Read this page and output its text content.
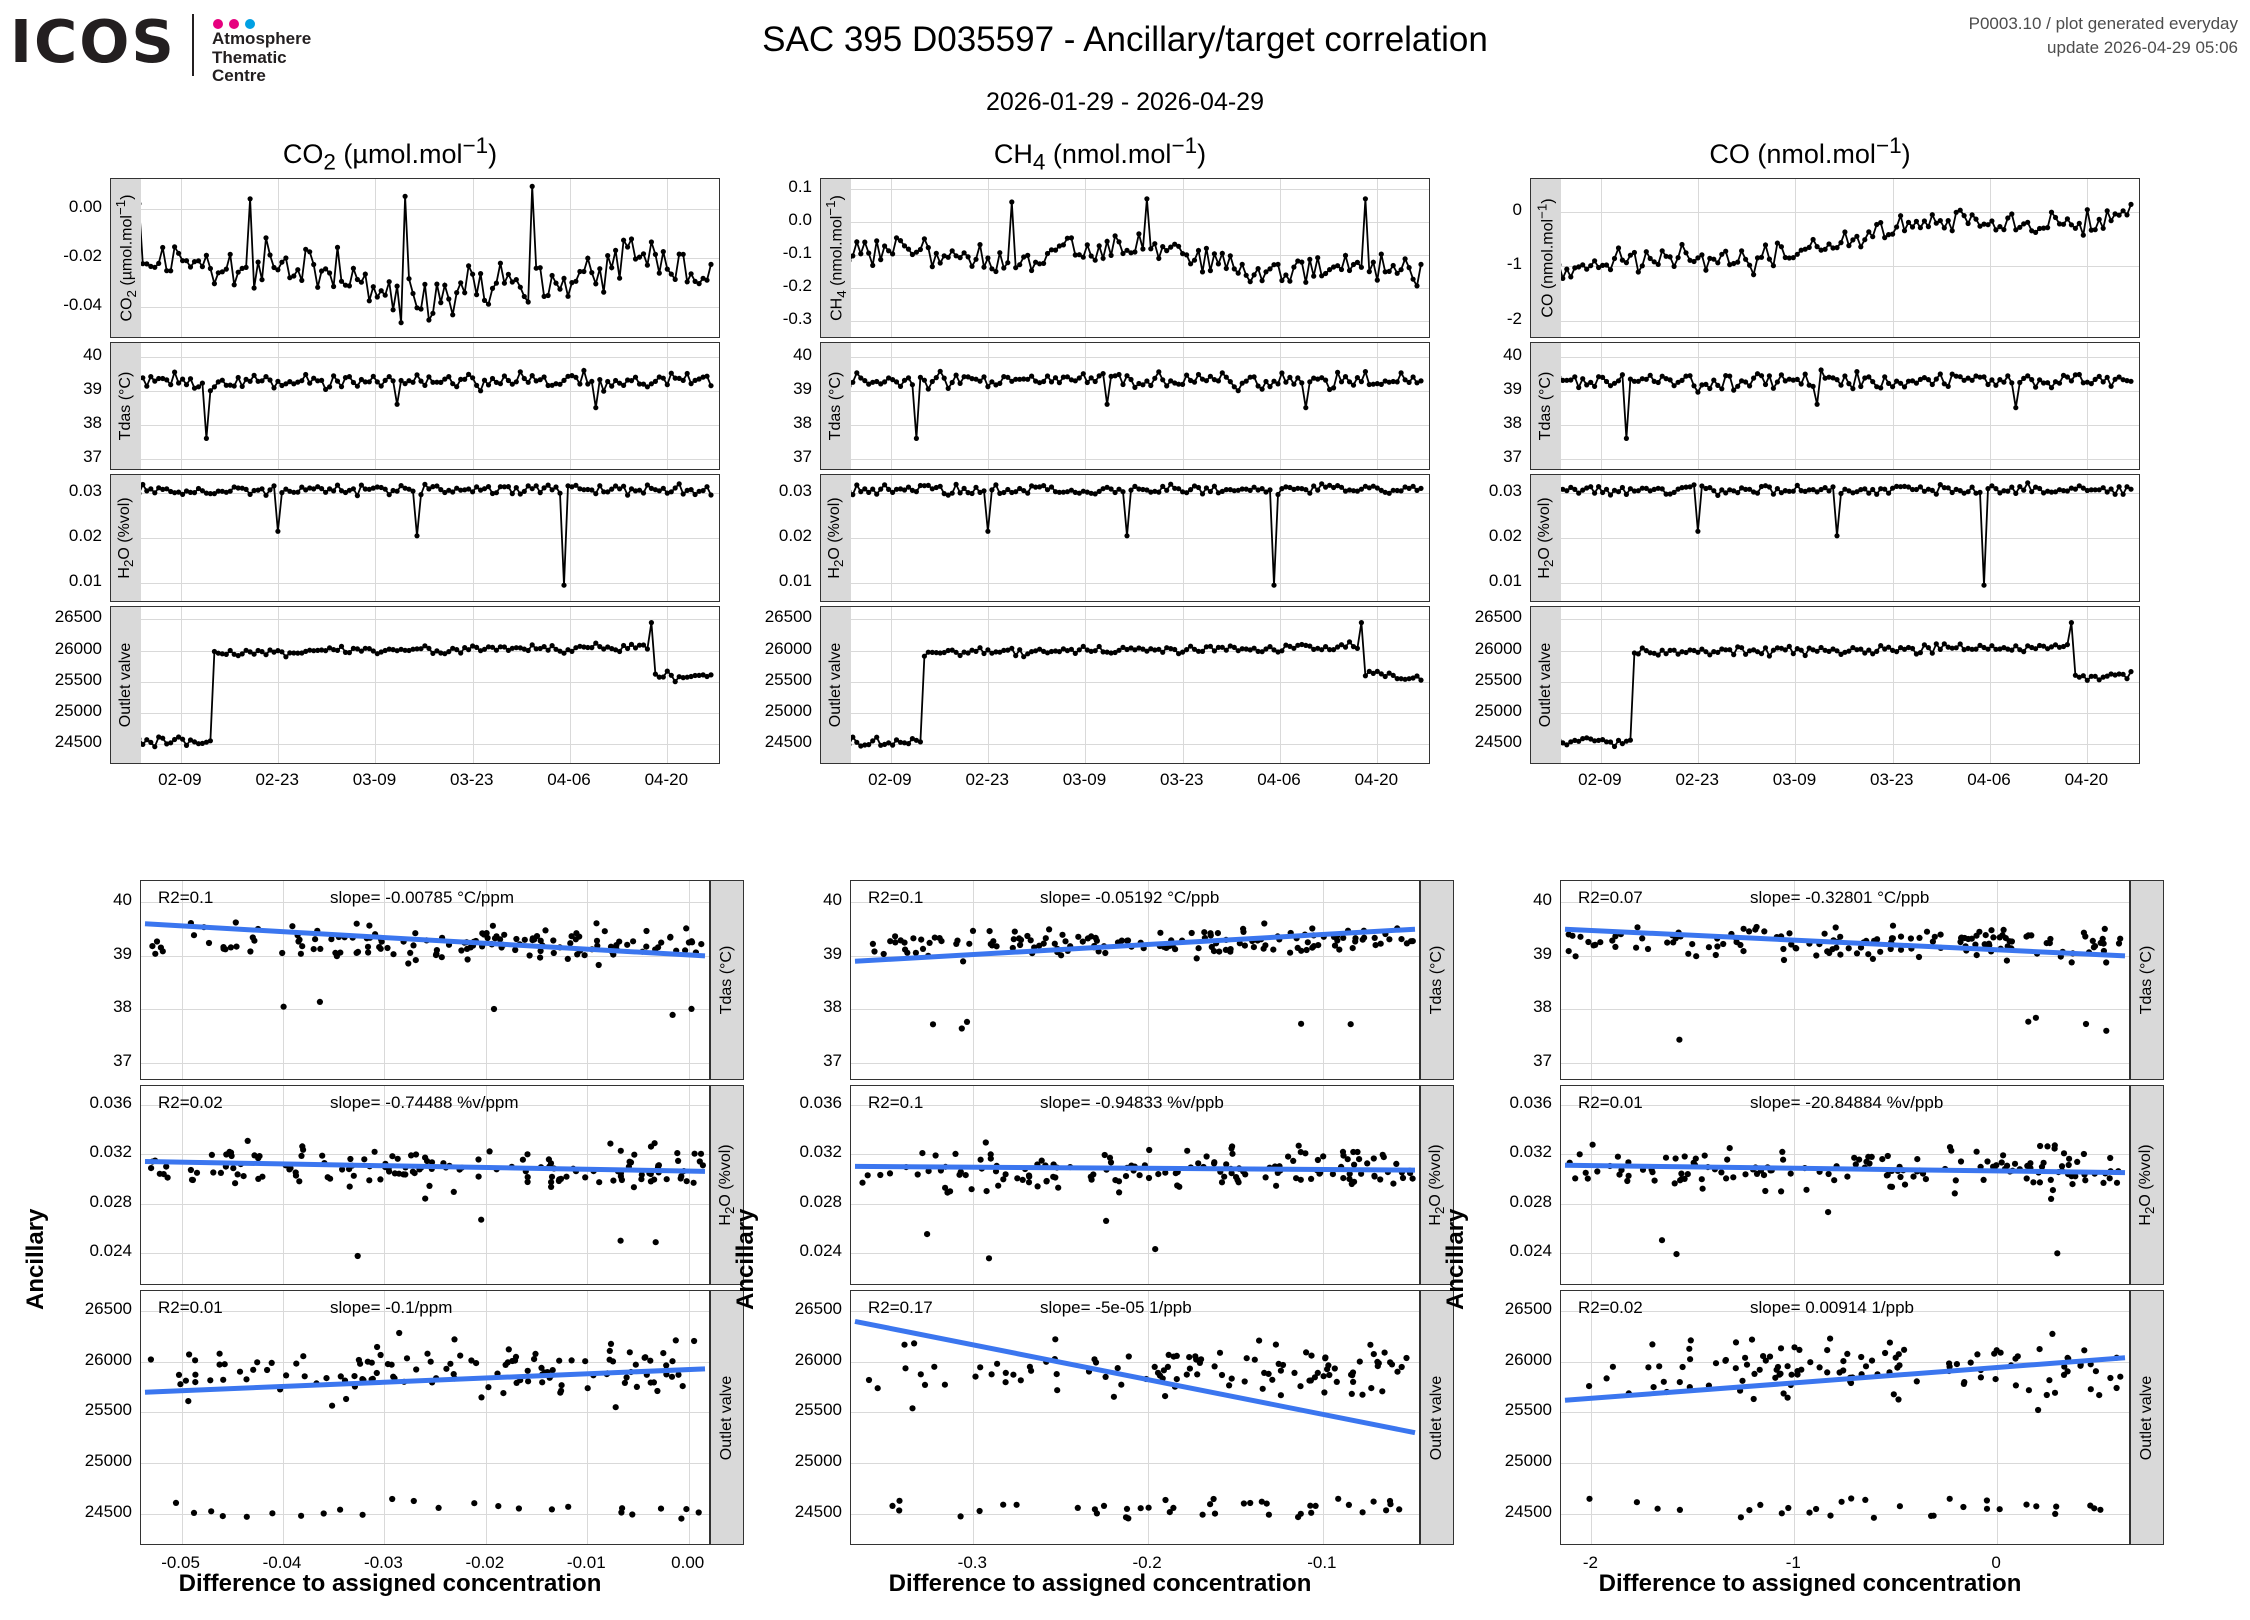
ICOS	Atmosphere
Thematic
Centre
SAC 395 D035597 - Ancillary/target correlation
2026-01-29 - 2026-04-29
P0003.10 / plot generated everyday
update 2026-04-29 05:06
$CO_2$ (µmol.mol$^{-1}$)	$CH_4$ (nmol.mol$^{-1}$)	CO (nmol.mol$^{-1}$)
0.00
-0.02
-0.04	$CO_2$ (µmol.mol$^{-1}$)
40
39
38
37
Tdas (°C)
0.03
0.02
0.01 $H_2O$ (%vol)
26500
26000
25500
25000
24500
Outlet valve
02-09	02-23	03-09	03-23	04-06	04-20
0.1
0.0
-0.1
-0.2
-0.3	$CH_4$ (nmol.mol$^{-1}$)
40
39
38
37
Tdas (°C)
0.03
0.02
0.01 $H_2O$ (%vol)
26500
26000
25500
25000
24500
Outlet valve
02-09	02-23	03-09	03-23	04-06	04-20
0
-1
-2
CO (nmol.mol$^{-1}$)
40
39
38
37
Tdas (°C)
0.03
0.02
0.01 $H_2O$ (%vol)
26500
26000
25500
25000
24500
Outlet valve
02-09	02-23	03-09	03-23	04-06	04-20
40
39
38
37
Tdas (°C)
R2=0.1	slope= -0.00785 °C/ppm
0.036
0.032
0.028
0.024
$H_2O$ (%vol)
R2=0.02	slope= -0.74488 %v/ppm
26500
26000
25500
25000
24500
Outlet valve
R2=0.01	slope= -0.1/ppm
-0.05	-0.04	-0.03	-0.02	-0.01	0.00
40
39
38
37
Tdas (°C)
R2=0.1	slope= -0.05192 °C/ppb
0.036
0.032
0.028
0.024
$H_2O$ (%vol)
R2=0.1	slope= -0.94833 %v/ppb
26500
26000
25500
25000
24500
Outlet valve
R2=0.17	slope= -5e-05 1/ppb
-0.3	-0.2	-0.1
40
39
38
37
Tdas (°C)
R2=0.07	slope= -0.32801 °C/ppb
0.036
0.032
0.028
0.024
$H_2O$ (%vol)
R2=0.01	slope= -20.84884 %v/ppb
26500
26000
25500
25000
24500
Outlet valve
R2=0.02	slope= 0.00914 1/ppb
-2	-1	0
Difference to assigned concentration	Difference to assigned concentration	Difference to assigned concentration
Ancillary	Ancillary	Ancillary
